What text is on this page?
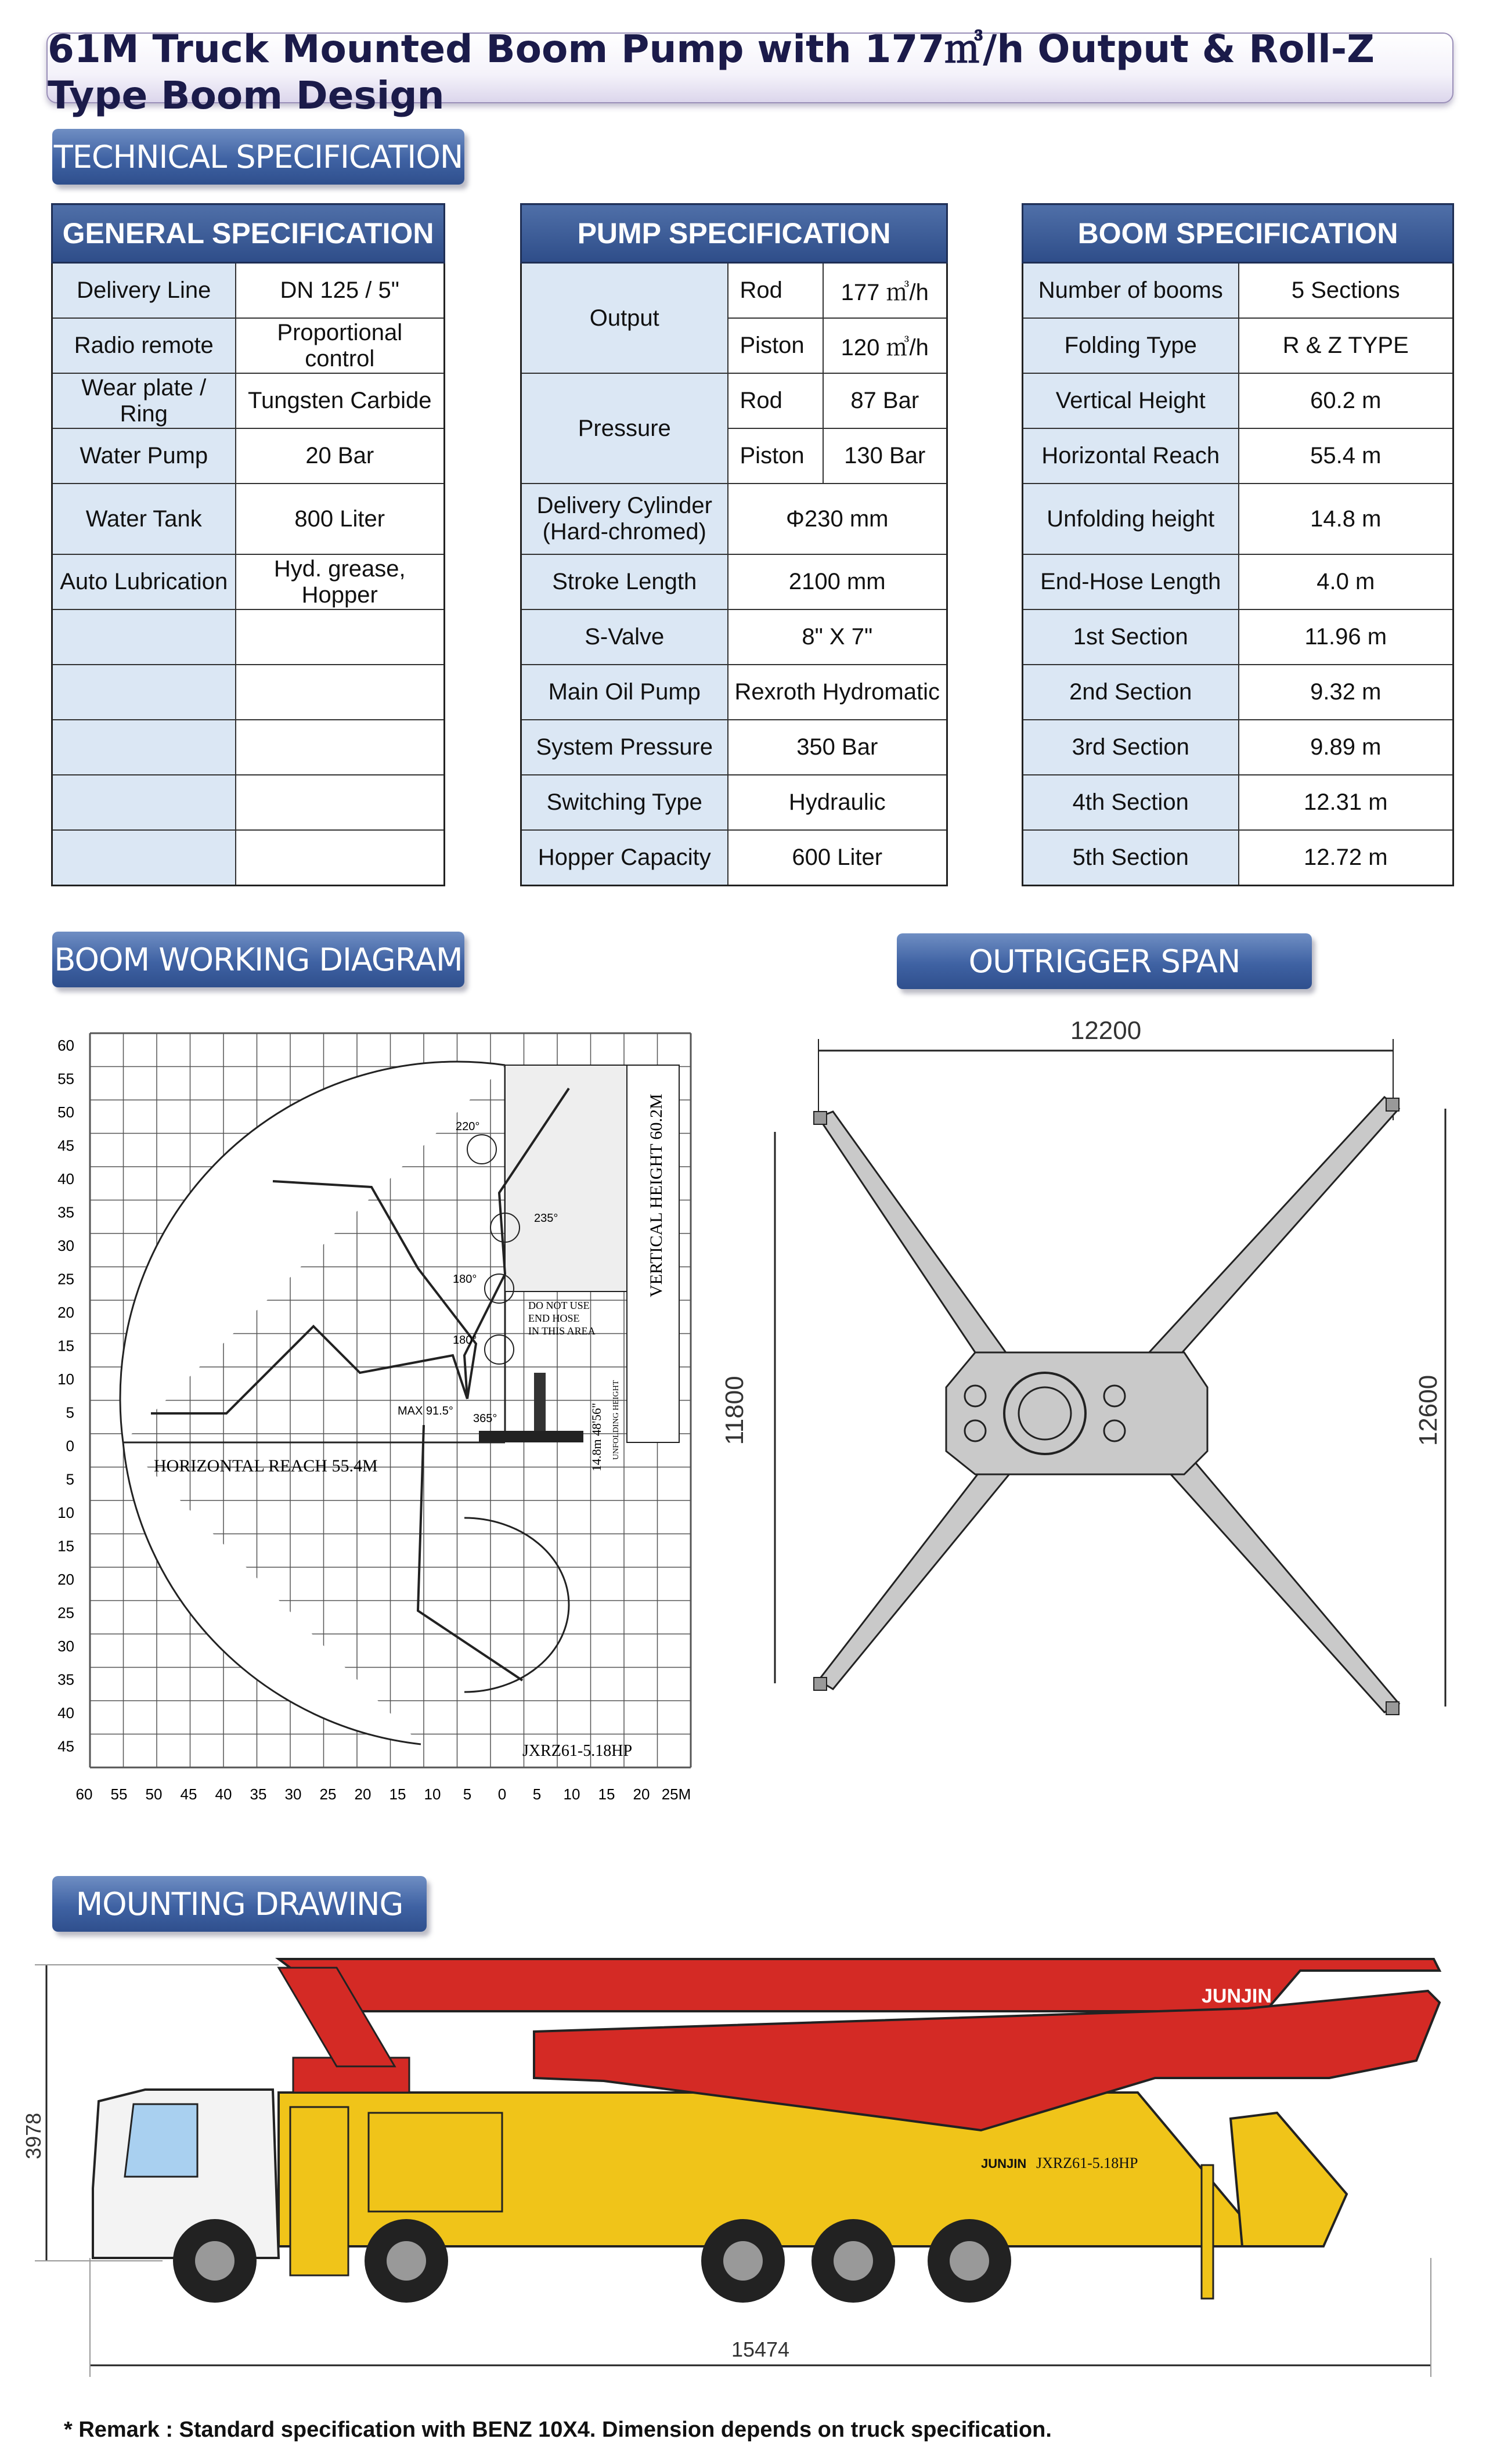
61M Truck Mounted Boom Pump with 177㎥/h Output & Roll-Z Type Boom Design
TECHNICAL SPECIFICATION
BOOM WORKING DIAGRAM	OUTRIGGER SPAN
MOUNTING DRAWING
GENERAL SPECIFICATION	
Delivery Line	DN 125 / 5"
Radio remote	Proportional control
Wear plate / Ring	Tungsten Carbide
Water Pump	20 Bar
Water Tank	800 Liter
Auto Lubrication	Hyd. grease, Hopper

PUMP SPECIFICATION		
Output	Rod	177 ㎥/h
	Piston	120 ㎥/h
Pressure	Rod	87 Bar
	Piston	130 Bar
Delivery Cylinder
(Hard-chromed)	Φ230 mm	
Stroke Length	2100 mm	
S-Valve	8" X 7"	
Main Oil Pump	Rexroth Hydromatic	
System Pressure	350 Bar	
Switching Type	Hydraulic	
Hopper Capacity	600 Liter	
BOOM SPECIFICATION	
Number of booms	5 Sections
Folding Type	R & Z TYPE
Vertical Height	60.2 m
Horizontal Reach	55.4 m
Unfolding height	14.8 m
End-Hose Length	4.0 m
1st Section	11.96 m
2nd Section	9.32 m
3rd Section	9.89 m
4th Section	12.31 m
5th Section	12.72 m
60
55
50
45
40
35
30
25
20
15
10
5
0
5
10
15
20
25
30
35
40
45
60 55 50 45 40 35 30 25 20 15 10 5 0 5 10 15 20 25M
VERTICAL HEIGHT 60.2M
DO NOT USE
END HOSE
IN THIS AREA
220°
235°
180°
180°
365°
MAX 91.5°	14.8m 48'56" UNFOLDING HEIGHT
HORIZONTAL REACH 55.4M
JXRZ61-5.18HP
12200
11800	12600
3978
15474
JXRZ61-5.18HP
JUNJIN
JUNJIN
* Remark : Standard specification with BENZ 10X4. Dimension depends on truck specification.
